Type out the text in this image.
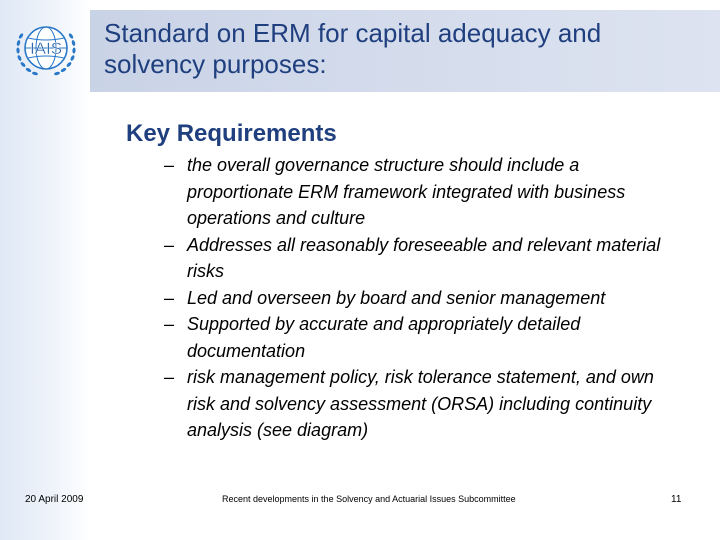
IAIS
Standard on ERM for capital adequacy and solvency purposes:
Key Requirements
– the overall governance structure should include a proportionate ERM framework integrated with business operations and culture
– Addresses all reasonably foreseeable and relevant material risks
– Led and overseen by board and senior management
– Supported by accurate and appropriately detailed documentation
– risk management policy, risk tolerance statement, and own risk and solvency assessment (ORSA) including continuity analysis (see diagram)
20 April 2009	Recent developments in the Solvency and Actuarial Issues Subcommittee	11
